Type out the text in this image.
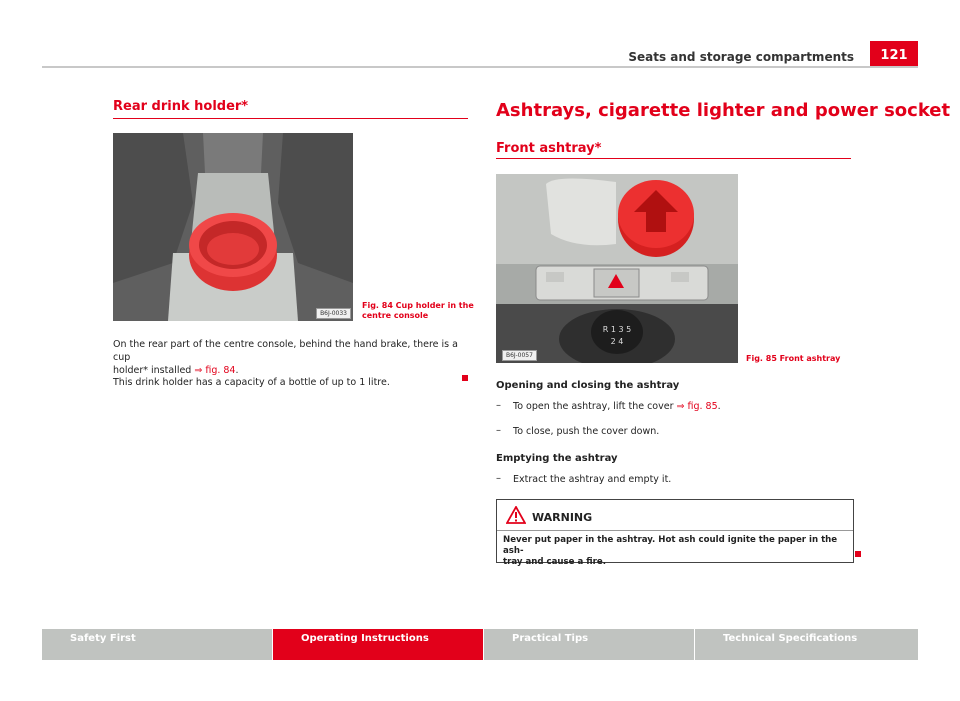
Seats and storage compartments	121
Rear drink holder*
B6J-0033
Fig. 84 Cup holder in the
centre console
On the rear part of the centre console, behind the hand brake, there is a cup
holder* installed ⇒ fig. 84.
This drink holder has a capacity of a bottle of up to 1 litre.
Ashtrays, cigarette lighter and power socket
Front ashtray*
R 1 3 5
2 4
B6J-0057	Fig. 85 Front ashtray
Opening and closing the ashtray
– To open the ashtray, lift the cover ⇒ fig. 85.
– To close, push the cover down.
Emptying the ashtray
– Extract the ashtray and empty it.
WARNING
Never put paper in the ashtray. Hot ash could ignite the paper in the ash-
tray and cause a fire.
Safety First	Operating Instructions	Practical Tips	Technical Specifications
